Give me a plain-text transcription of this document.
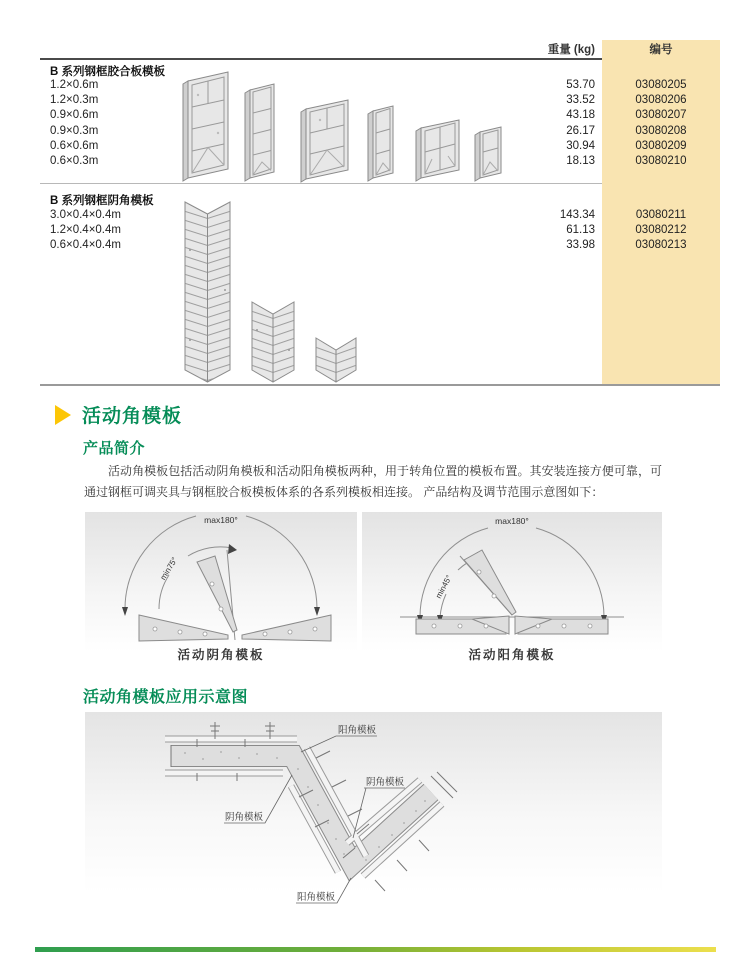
重量 (kg)	编号
B 系列钢框胶合板模板
1.2×0.6m	53.70	03080205
1.2×0.3m	33.52	03080206
0.9×0.6m	43.18	03080207
0.9×0.3m	26.17	03080208
0.6×0.6m	30.94	03080209
0.6×0.3m	18.13	03080210
B 系列钢框阴角模板
3.0×0.4×0.4m	143.34	03080211
1.2×0.4×0.4m	61.13	03080212
0.6×0.4×0.4m	33.98	03080213
活动角模板
产品简介
活动角模板包括活动阴角模板和活动阳角模板两种，用于转角位置的模板布置。其安装连接方便可靠，可通过钢框可调夹具与钢框胶合板模板体系的各系列模板相连接。 产品结构及调节范围示意图如下：
max180°
min75°
活动阴角模板
max180°
min45°
活动阳角模板
活动角模板应用示意图
阳角模板
阴角模板
阴角模板
阳角模板
